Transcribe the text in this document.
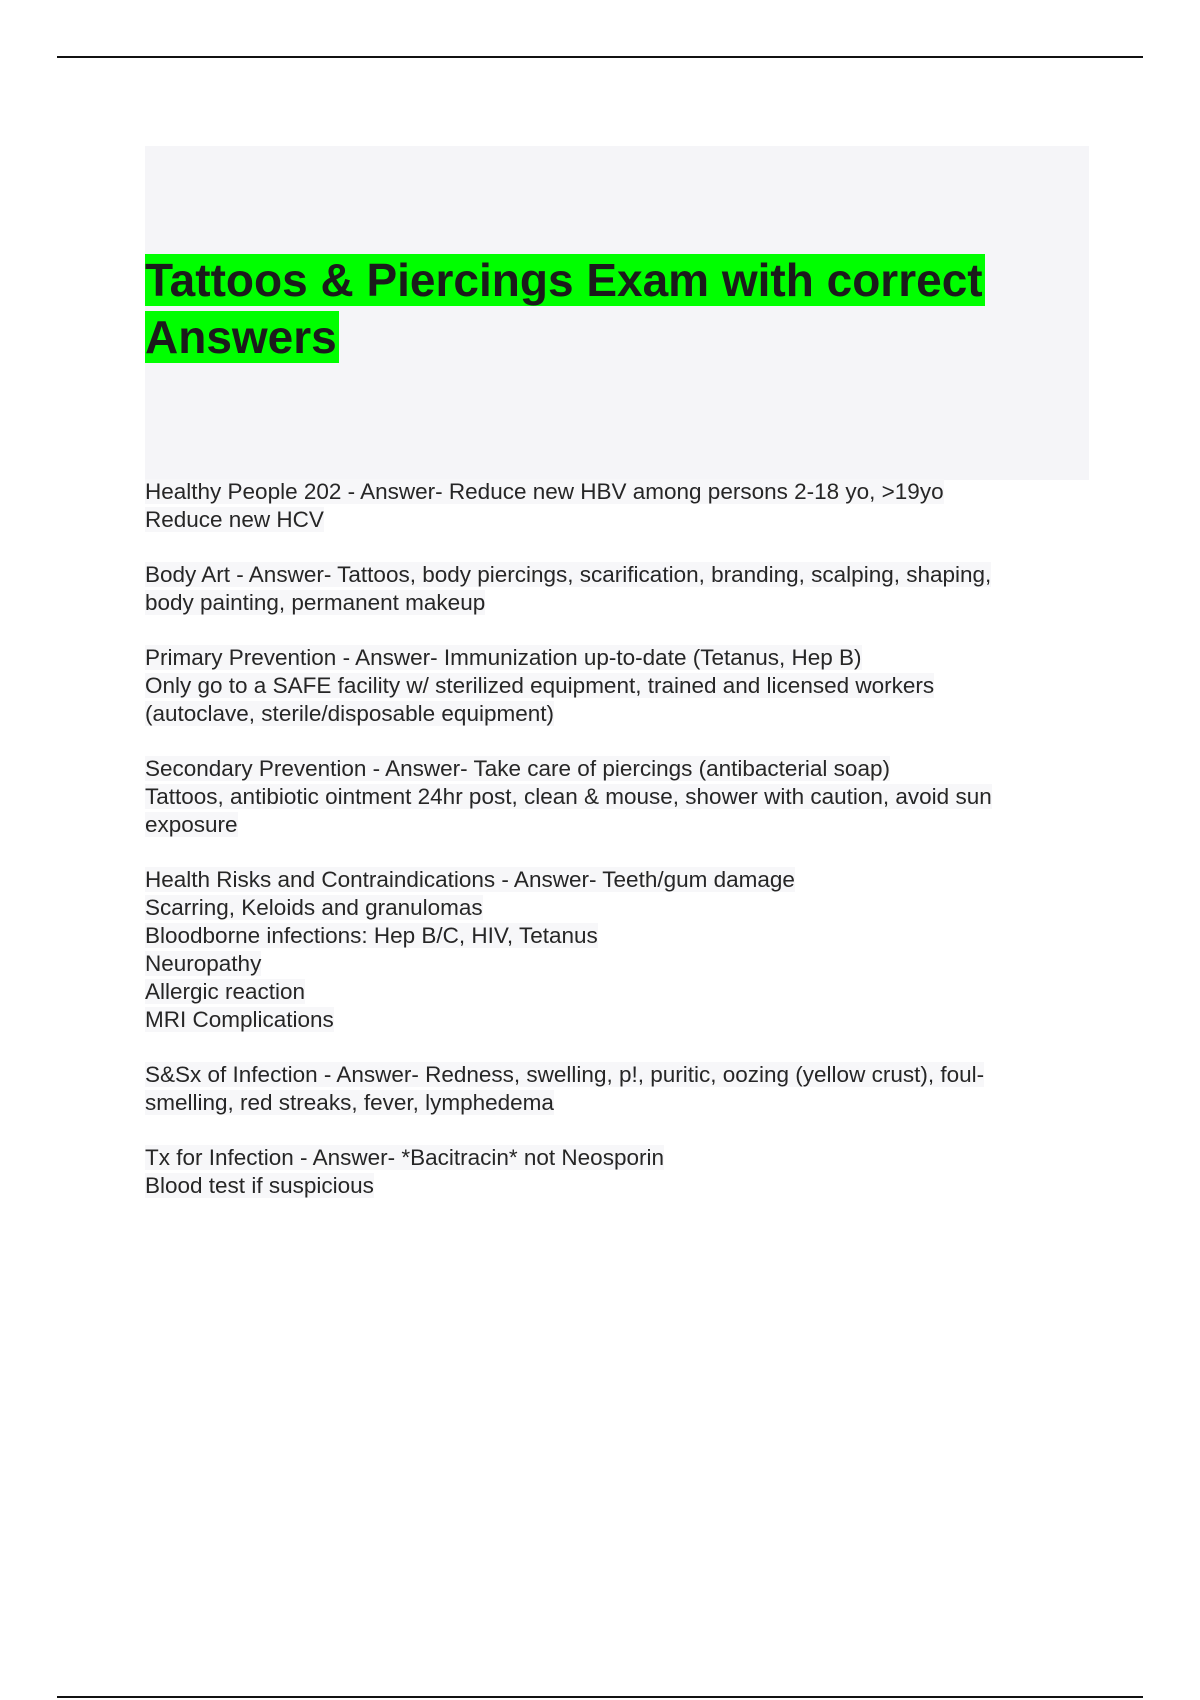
Tattoos & Piercings Exam with correct Answers
Healthy People 202 - Answer- Reduce new HBV among persons 2-18 yo, >19yo
Reduce new HCV
Body Art - Answer- Tattoos, body piercings, scarification, branding, scalping, shaping,
body painting, permanent makeup
Primary Prevention - Answer- Immunization up-to-date (Tetanus, Hep B)
Only go to a SAFE facility w/ sterilized equipment, trained and licensed workers
(autoclave, sterile/disposable equipment)
Secondary Prevention - Answer- Take care of piercings (antibacterial soap)
Tattoos, antibiotic ointment 24hr post, clean & mouse, shower with caution, avoid sun
exposure
Health Risks and Contraindications - Answer- Teeth/gum damage
Scarring, Keloids and granulomas
Bloodborne infections: Hep B/C, HIV, Tetanus
Neuropathy
Allergic reaction
MRI Complications
S&Sx of Infection - Answer- Redness, swelling, p!, puritic, oozing (yellow crust), foul-
smelling, red streaks, fever, lymphedema
Tx for Infection - Answer- *Bacitracin* not Neosporin
Blood test if suspicious
